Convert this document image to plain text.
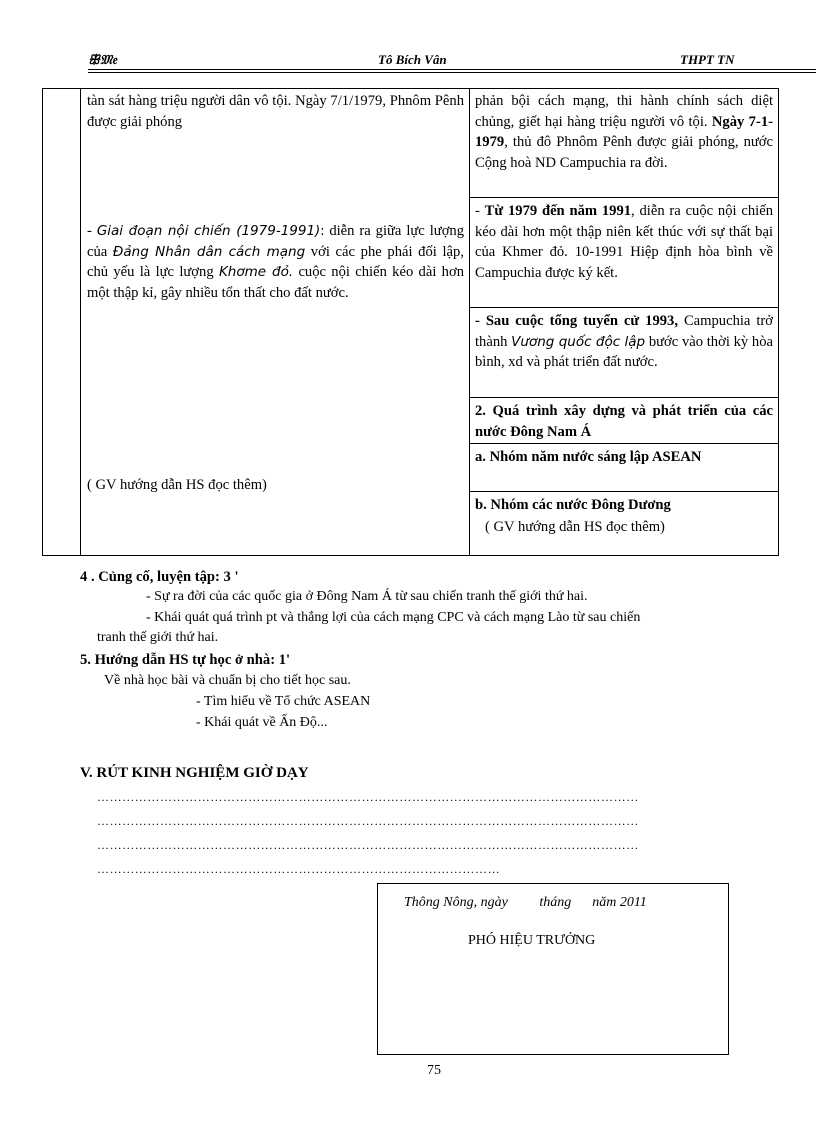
ꕥ𝔐𝔢	Tô Bích Vân	THPT TN

tàn sát hàng triệu người dân vô tội. Ngày 7/1/1979, Phnôm Pênh được giải phóng

- Giai đoạn nội chiến (1979-1991): diễn ra giữa lực lượng của Đảng Nhân dân cách mạng với các phe phái đối lập, chủ yếu là lực lượng Khơme đỏ. cuộc nội chiến kéo dài hơn một thập kỉ, gây nhiều tổn thất cho đất nước.

( GV hướng dẫn HS đọc thêm)

phản bội cách mạng, thi hành chính sách diệt chủng, giết hại hàng triệu người vô tội. Ngày 7-1-1979, thủ đô Phnôm Pênh được giải phóng, nước Cộng hoà ND Campuchia ra đời.

- Từ 1979 đến năm 1991, diễn ra cuộc nội chiến kéo dài hơn một thập niên kết thúc với sự thất bại của Khmer đỏ. 10-1991 Hiệp định hòa bình về Campuchia được ký kết.

- Sau cuộc tổng tuyển cử 1993, Campuchia trở thành Vương quốc độc lập bước vào thời kỳ hòa bình, xd và phát triển đất nước.

2. Quá trình xây dựng và phát triển của các nước Đông Nam Á

a. Nhóm năm nước sáng lập ASEAN

b. Nhóm các nước Đông Dương

( GV hướng dẫn HS đọc thêm)

4 . Củng cố, luyện tập: 3 '
- Sự ra đời của các quốc gia ở Đông Nam Á từ sau chiến tranh thế giới thứ hai.
- Khái quát quá trình pt và thắng lợi của cách mạng CPC và cách mạng Lào từ sau chiến
tranh thế giới thứ hai.
5. Hướng dẫn HS tự học ở nhà: 1'
Về nhà học bài và chuẩn bị cho tiết học sau.
- Tìm hiểu về Tổ chức ASEAN
- Khái quát về Ấn Độ...
V. RÚT KINH NGHIỆM GIỜ DẠY
…………………………………………………………………………………………………………………
…………………………………………………………………………………………………………………
…………………………………………………………………………………………………………………
……………………………………………………………………………………
Thông Nông, ngày         tháng      năm 2011
PHÓ HIỆU TRƯỞNG
75
